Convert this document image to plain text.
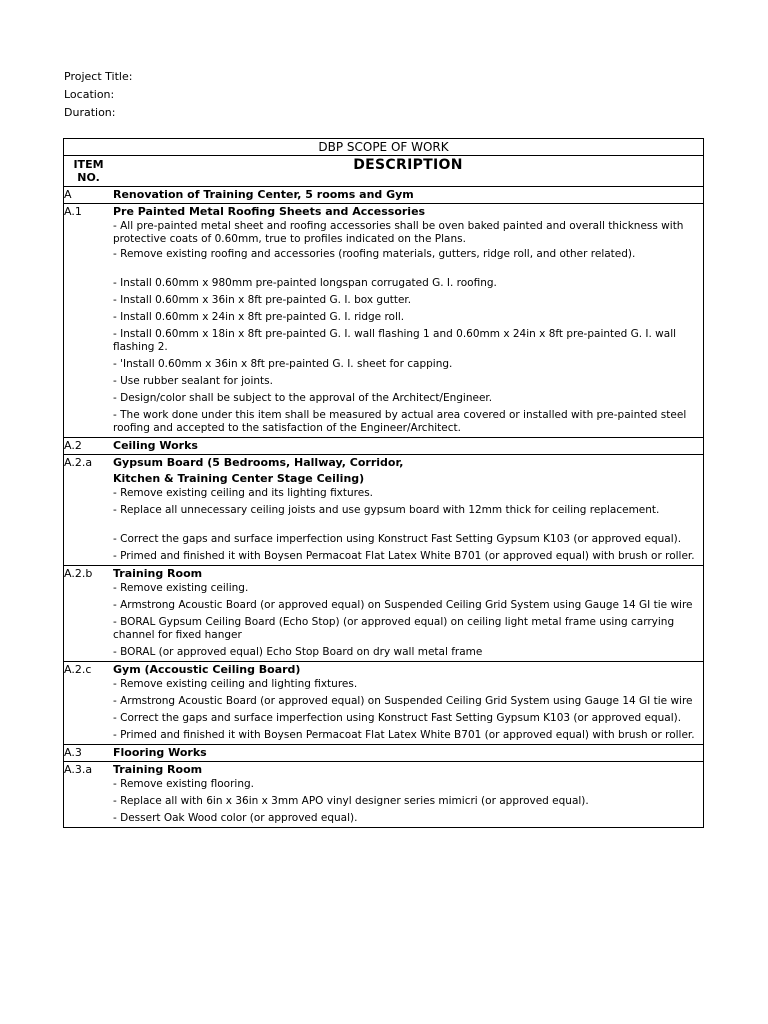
Project Title:
Location:
Duration:
DBP SCOPE OF WORK
ITEM
NO.
DESCRIPTION
A	Renovation of Training Center, 5 rooms and Gym
A.1	Pre Painted Metal Roofing Sheets and Accessories
- All pre-painted metal sheet and roofing accessories shall be oven baked painted and overall thickness with protective coats of 0.60mm, true to profiles indicated on the Plans.
- Remove existing roofing and accessories (roofing materials, gutters, ridge roll, and other related).
- Install 0.60mm x 980mm pre-painted longspan corrugated G. I. roofing.
- Install 0.60mm x 36in x 8ft pre-painted G. I. box gutter.
- Install 0.60mm x 24in x 8ft pre-painted G. I. ridge roll.
- Install 0.60mm x 18in x 8ft pre-painted G. I. wall flashing 1 and 0.60mm x 24in x 8ft pre-painted G. I. wall flashing 2.
- 'Install 0.60mm x 36in x 8ft pre-painted G. I. sheet for capping.
- Use rubber sealant for joints.
- Design/color shall be subject to the approval of the Architect/Engineer.
- The work done under this item shall be measured by actual area covered or installed with pre-painted steel roofing and accepted to the satisfaction of the Engineer/Architect.
A.2	Ceiling Works
A.2.a	Gypsum Board (5 Bedrooms, Hallway, Corridor,
Kitchen & Training Center Stage Ceiling)
- Remove existing ceiling and its lighting fixtures.
- Replace all unnecessary ceiling joists and use gypsum board with 12mm thick for ceiling replacement.
- Correct the gaps and surface imperfection using Konstruct Fast Setting Gypsum K103 (or approved equal).
- Primed and finished it with Boysen Permacoat Flat Latex White B701 (or approved equal) with brush or roller.
A.2.b	Training Room
- Remove existing ceiling.
- Armstrong Acoustic Board (or approved equal) on Suspended Ceiling Grid System using Gauge 14 GI tie wire
- BORAL Gypsum Ceiling Board (Echo Stop) (or approved equal) on ceiling light metal frame using carrying channel for fixed hanger
- BORAL (or approved equal) Echo Stop Board on dry wall metal frame
A.2.c	Gym (Accoustic Ceiling Board)
- Remove existing ceiling and lighting fixtures.
- Armstrong Acoustic Board (or approved equal) on Suspended Ceiling Grid System using Gauge 14 GI tie wire
- Correct the gaps and surface imperfection using Konstruct Fast Setting Gypsum K103 (or approved equal).
- Primed and finished it with Boysen Permacoat Flat Latex White B701 (or approved equal) with brush or roller.
A.3	Flooring Works
A.3.a	Training Room
- Remove existing flooring.
- Replace all with 6in x 36in x 3mm APO vinyl designer series mimicri (or approved equal).
- Dessert Oak Wood color (or approved equal).
